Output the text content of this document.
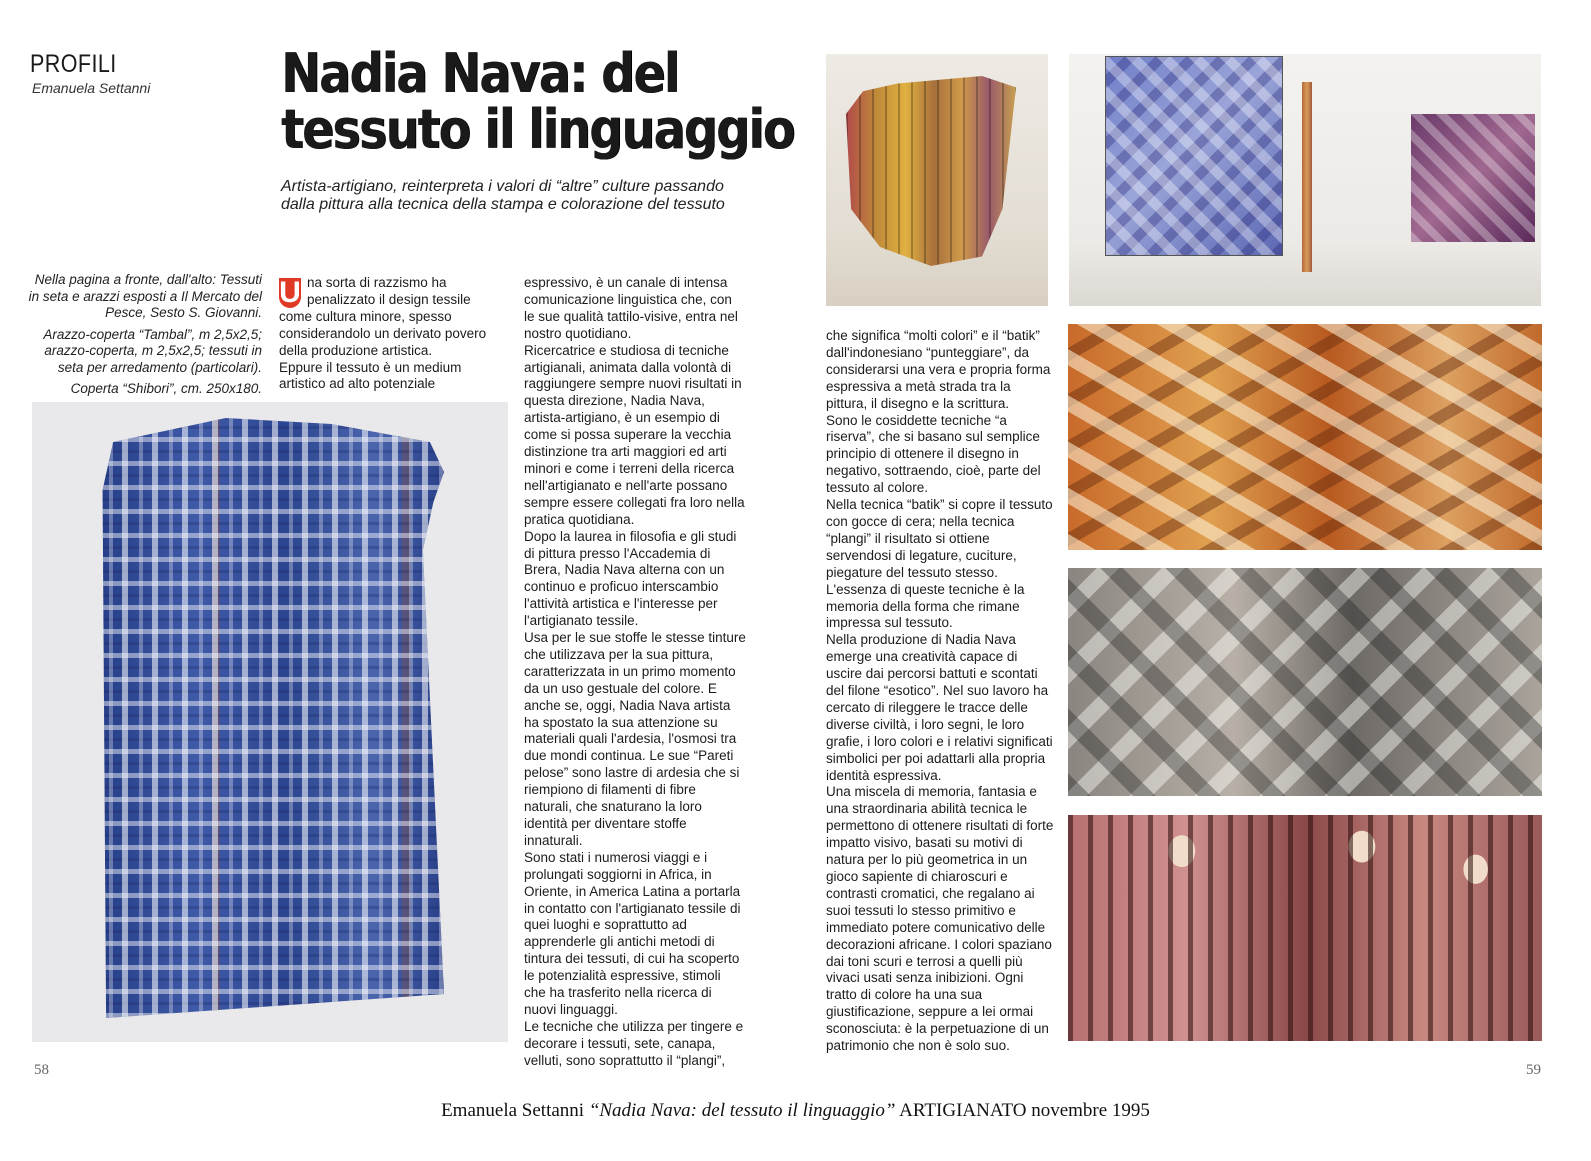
PROFILI
Emanuela Settanni Nadia Nava: del
tessuto il linguaggio
Artista-artigiano, reinterpreta i valori di “altre” culture passando
dalla pittura alla tecnica della stampa e colorazione del tessuto

Nella pagina a fronte, dall'alto: Tessuti in seta e arazzi esposti a Il Mercato del Pesce, Sesto S. Giovanni.

Arazzo-coperta “Tambal”, m 2,5x2,5; arazzo-coperta, m 2,5x2,5; tessuti in seta per arredamento (particolari).

Coperta “Shibori”, cm. 250x180.

U na sorta di razzismo ha penalizzato il design tessile come cultura minore, spesso considerandolo un derivato povero della produzione artistica.

Eppure il tessuto è un medium artistico ad alto potenziale

espressivo, è un canale di intensa comunicazione linguistica che, con le sue qualità tattilo-visive, entra nel nostro quotidiano.

Ricercatrice e studiosa di tecniche artigianali, animata dalla volontà di raggiungere sempre nuovi risultati in questa direzione, Nadia Nava, artista-artigiano, è un esempio di come si possa superare la vecchia distinzione tra arti maggiori ed arti minori e come i terreni della ricerca nell'artigianato e nell'arte possano sempre essere collegati fra loro nella pratica quotidiana.

Dopo la laurea in filosofia e gli studi di pittura presso l'Accademia di Brera, Nadia Nava alterna con un continuo e proficuo interscambio l'attività artistica e l'interesse per l'artigianato tessile.

Usa per le sue stoffe le stesse tinture che utilizzava per la sua pittura, caratterizzata in un primo momento da un uso gestuale del colore. E anche se, oggi, Nadia Nava artista ha spostato la sua attenzione su materiali quali l'ardesia, l'osmosi tra due mondi continua. Le sue “Pareti pelose” sono lastre di ardesia che si riempiono di filamenti di fibre naturali, che snaturano la loro identità per diventare stoffe innaturali.

Sono stati i numerosi viaggi e i prolungati soggiorni in Africa, in Oriente, in America Latina a portarla in contatto con l'artigianato tessile di quei luoghi e soprattutto ad apprenderle gli antichi metodi di tintura dei tessuti, di cui ha scoperto le potenzialità espressive, stimoli che ha trasferito nella ricerca di nuovi linguaggi.

Le tecniche che utilizza per tingere e decorare i tessuti, sete, canapa, velluti, sono soprattutto il “plangi”,

che significa “molti colori” e il “batik” dall'indonesiano “punteggiare”, da considerarsi una vera e propria forma espressiva a metà strada tra la pittura, il disegno e la scrittura.

Sono le cosiddette tecniche “a riserva”, che si basano sul semplice principio di ottenere il disegno in negativo, sottraendo, cioè, parte del tessuto al colore.

Nella tecnica “batik” si copre il tessuto con gocce di cera; nella tecnica “plangi” il risultato si ottiene servendosi di legature, cuciture, piegature del tessuto stesso. L'essenza di queste tecniche è la memoria della forma che rimane impressa sul tessuto.

Nella produzione di Nadia Nava emerge una creatività capace di uscire dai percorsi battuti e scontati del filone “esotico”. Nel suo lavoro ha cercato di rileggere le tracce delle diverse civiltà, i loro segni, le loro grafie, i loro colori e i relativi significati simbolici per poi adattarli alla propria identità espressiva.

Una miscela di memoria, fantasia e una straordinaria abilità tecnica le permettono di ottenere risultati di forte impatto visivo, basati su motivi di natura per lo più geometrica in un gioco sapiente di chiaroscuri e contrasti cromatici, che regalano ai suoi tessuti lo stesso primitivo e immediato potere comunicativo delle decorazioni africane. I colori spaziano dai toni scuri e terrosi a quelli più vivaci usati senza inibizioni. Ogni tratto di colore ha una sua giustificazione, seppure a lei ormai sconosciuta: è la perpetuazione di un patrimonio che non è solo suo.

58	59
Emanuela Settanni “Nadia Nava: del tessuto il linguaggio” ARTIGIANATO novembre 1995
